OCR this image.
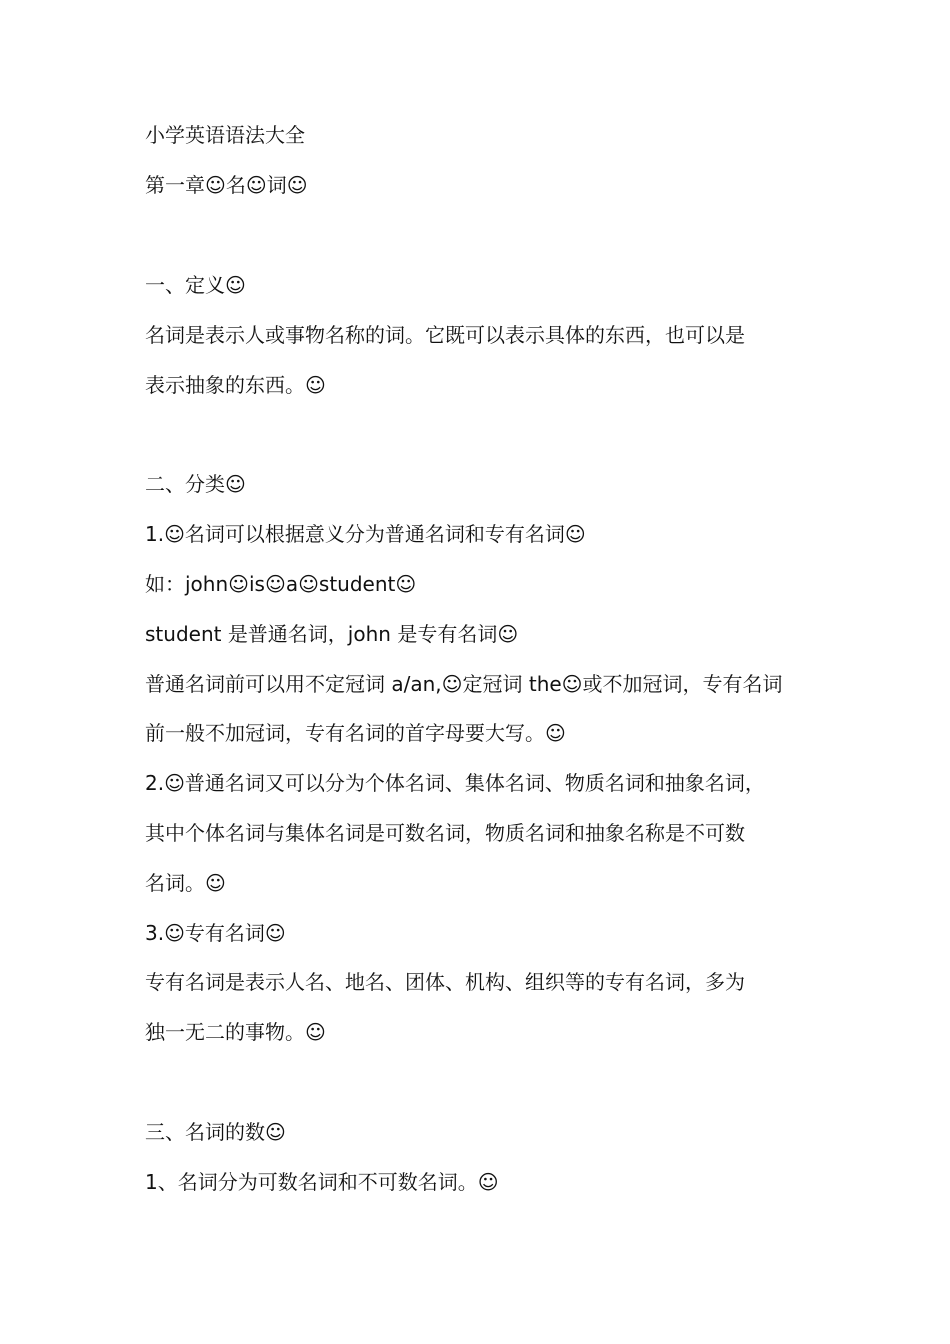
小学英语语法大全
第一章☺名☺词☺
一、定义☺
名词是表示人或事物名称的词。它既可以表示具体的东西，也可以是
表示抽象的东西。☺
二、分类☺
1.☺名词可以根据意义分为普通名词和专有名词☺
如：john☺is☺a☺student☺
student 是普通名词，john 是专有名词☺
普通名词前可以用不定冠词 a/an,☺定冠词 the☺或不加冠词，专有名词
前一般不加冠词，专有名词的首字母要大写。☺
2.☺普通名词又可以分为个体名词、集体名词、物质名词和抽象名词，
其中个体名词与集体名词是可数名词，物质名词和抽象名称是不可数
名词。☺
3.☺专有名词☺
专有名词是表示人名、地名、团体、机构、组织等的专有名词，多为
独一无二的事物。☺
三、名词的数☺
1、名词分为可数名词和不可数名词。☺
